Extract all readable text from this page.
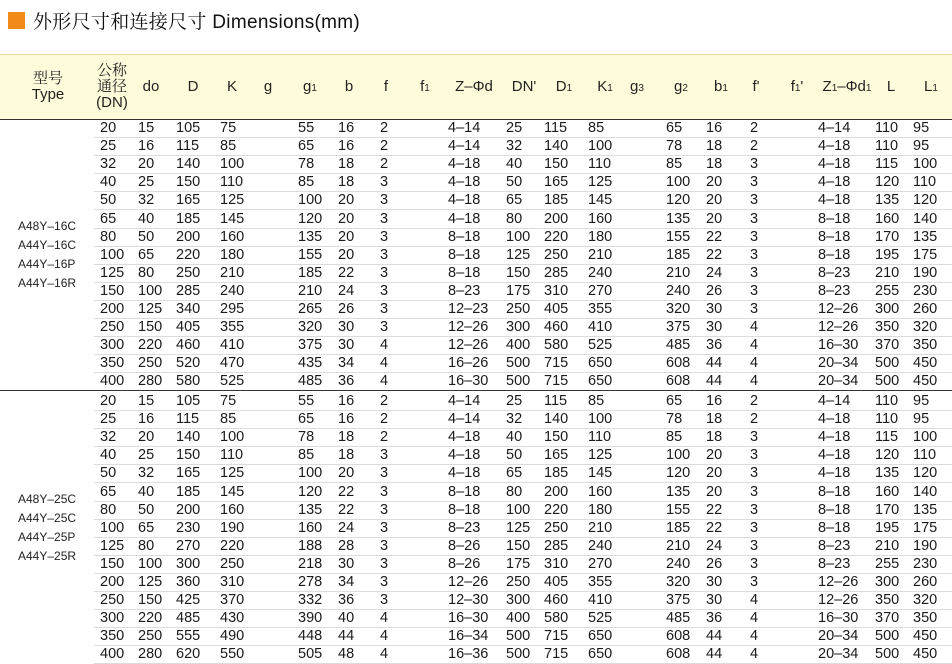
外形尺寸和连接尺寸 Dimensions(mm)
型号
Type
公称
通径
(DN)
do D K g $g_1$ b f $f_1$ Z–Φd DN' $D_1$ $K_1$ $g_3$ $g_2$ $b_1$ f' $f_1$ ' $Z_1$ $-\Phi d_1$ L $L_1$
A48Y–16C
A44Y–16C
A44Y–16P
A44Y–16R
20 15 105 75	55 16 2	4–14 25 115 85	65 16 2	4–14 110 95
25 16 115 85	65 16 2	4–14 32 140 100	78 18 2	4–18 110 95
32 20 140 100	78 18 2	4–18 40 150 110	85 18 3	4–18 115 100
40 25 150 110	85 18 3	4–18 50 165 125	100 20 3	4–18 120 110
50 32 165 125	100 20 3	4–18 65 185 145	120 20 3	4–18 135 120
65 40 185 145	120 20 3	4–18 80 200 160	135 20 3	8–18 160 140
80 50 200 160	135 20 3	8–18 100 220 180	155 22 3	8–18 170 135
100 65 220 180	155 20 3	8–18 125 250 210	185 22 3	8–18 195 175
125 80 250 210	185 22 3	8–18 150 285 240	210 24 3	8–23 210 190
150 100 285 240	210 24 3	8–23 175 310 270	240 26 3	8–23 255 230
200 125 340 295	265 26 3	12–23 250 405 355	320 30 3	12–26 300 260
250 150 405 355	320 30 3	12–26 300 460 410	375 30 4	12–26 350 320
300 220 460 410	375 30 4	12–26 400 580 525	485 36 4	16–30 370 350
350 250 520 470	435 34 4	16–26 500 715 650	608 44 4	20–34 500 450
400 280 580 525	485 36 4	16–30 500 715 650	608 44 4	20–34 500 450
A48Y–25C
A44Y–25C
A44Y–25P
A44Y–25R
20 15 105 75	55 16 2	4–14 25 115 85	65 16 2	4–14 110 95
25 16 115 85	65 16 2	4–14 32 140 100	78 18 2	4–18 110 95
32 20 140 100	78 18 2	4–18 40 150 110	85 18 3	4–18 115 100
40 25 150 110	85 18 3	4–18 50 165 125	100 20 3	4–18 120 110
50 32 165 125	100 20 3	4–18 65 185 145	120 20 3	4–18 135 120
65 40 185 145	120 22 3	8–18 80 200 160	135 20 3	8–18 160 140
80 50 200 160	135 22 3	8–18 100 220 180	155 22 3	8–18 170 135
100 65 230 190	160 24 3	8–23 125 250 210	185 22 3	8–18 195 175
125 80 270 220	188 28 3	8–26 150 285 240	210 24 3	8–23 210 190
150 100 300 250	218 30 3	8–26 175 310 270	240 26 3	8–23 255 230
200 125 360 310	278 34 3	12–26 250 405 355	320 30 3	12–26 300 260
250 150 425 370	332 36 3	12–30 300 460 410	375 30 4	12–26 350 320
300 220 485 430	390 40 4	16–30 400 580 525	485 36 4	16–30 370 350
350 250 555 490	448 44 4	16–34 500 715 650	608 44 4	20–34 500 450
400 280 620 550	505 48 4	16–36 500 715 650	608 44 4	20–34 500 450
